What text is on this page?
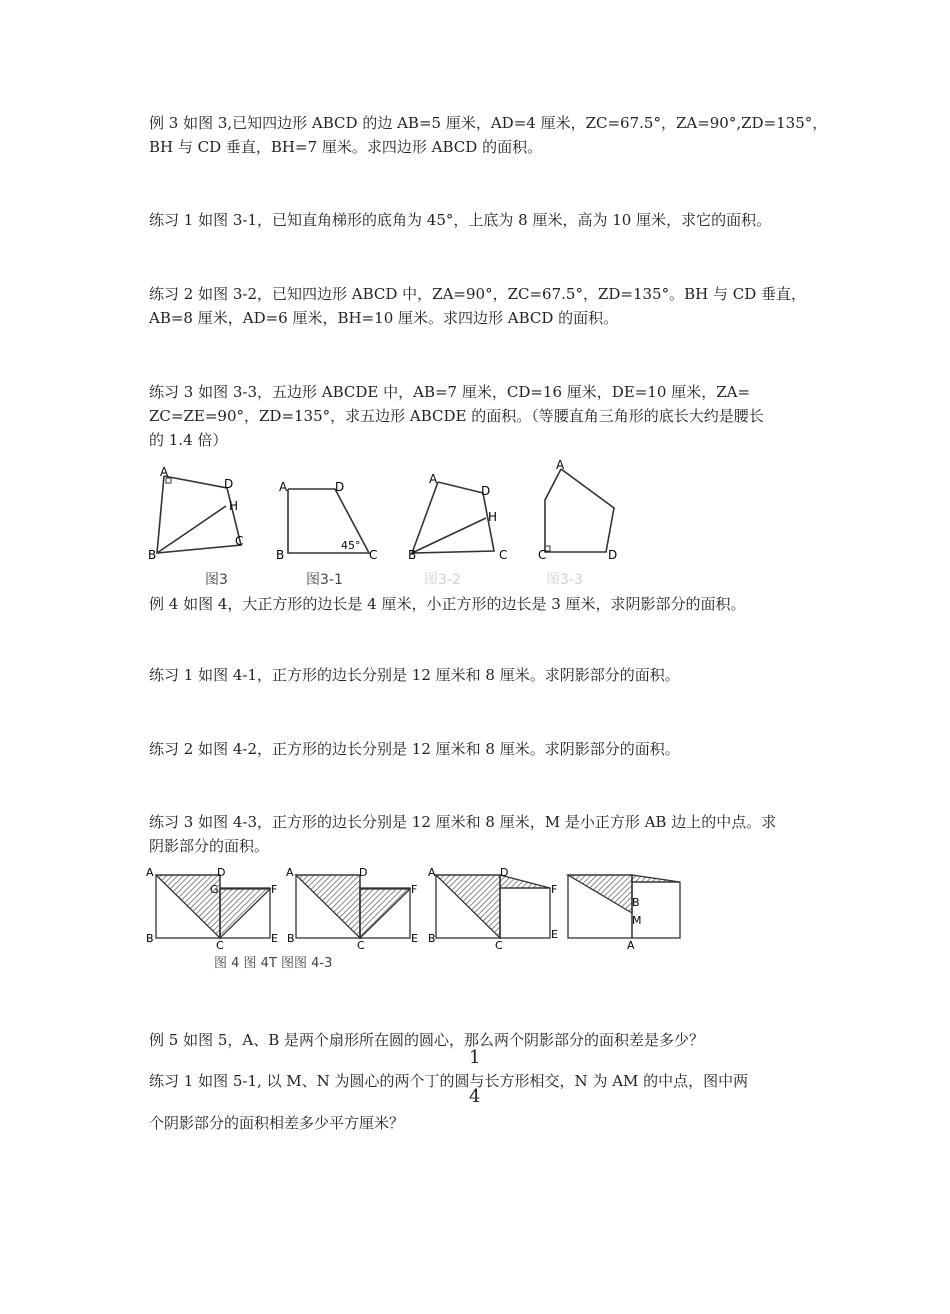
例 3 如图 3,已知四边形 ABCD 的边 AB=5 厘米，AD=4 厘米，ZC=67.5°，ZA=90°,ZD=135°，
BH 与 CD 垂直，BH=7 厘米。求四边形 ABCD 的面积。
练习 1 如图 3-1，已知直角梯形的底角为 45°，上底为 8 厘米，高为 10 厘米，求它的面积。
练习 2 如图 3-2，已知四边形 ABCD 中，ZA=90°，ZC=67.5°，ZD=135°。BH 与 CD 垂直，
AB=8 厘米，AD=6 厘米，BH=10 厘米。求四边形 ABCD 的面积。
练习 3 如图 3-3，五边形 ABCDE 中，AB=7 厘米，CD=16 厘米，DE=10 厘米，ZA=
ZC=ZE=90°，ZD=135°，求五边形 ABCDE 的面积。（等腰直角三角形的底长大约是腰长
的 1.4 倍）
A
D
H
C
B
A	D
B	C
45°
A
D
H
B	C
A
C	D
图3	图3-1	图3-2	图3-3
例 4 如图 4，大正方形的边长是 4 厘米，小正方形的边长是 3 厘米，求阴影部分的面积。
练习 1 如图 4-1，正方形的边长分别是 12 厘米和 8 厘米。求阴影部分的面积。
练习 2 如图 4-2，正方形的边长分别是 12 厘米和 8 厘米。求阴影部分的面积。
练习 3 如图 4-3，正方形的边长分别是 12 厘米和 8 厘米，M 是小正方形 AB 边上的中点。求
阴影部分的面积。
A	D
G	F
B
C
E
A	D
F
B
C
E
A	D
F
B
C
E
B
M
A
图 4 图 4T 图图 4-3
例 5 如图 5，A、B 是两个扇形所在圆的圆心，那么两个阴影部分的面积差是多少？
1
4
练习 1 如图 5-1, 以 M、N 为圆心的两个丁的圆与长方形相交，N 为 AM 的中点，图中两
个阴影部分的面积相差多少平方厘米？
